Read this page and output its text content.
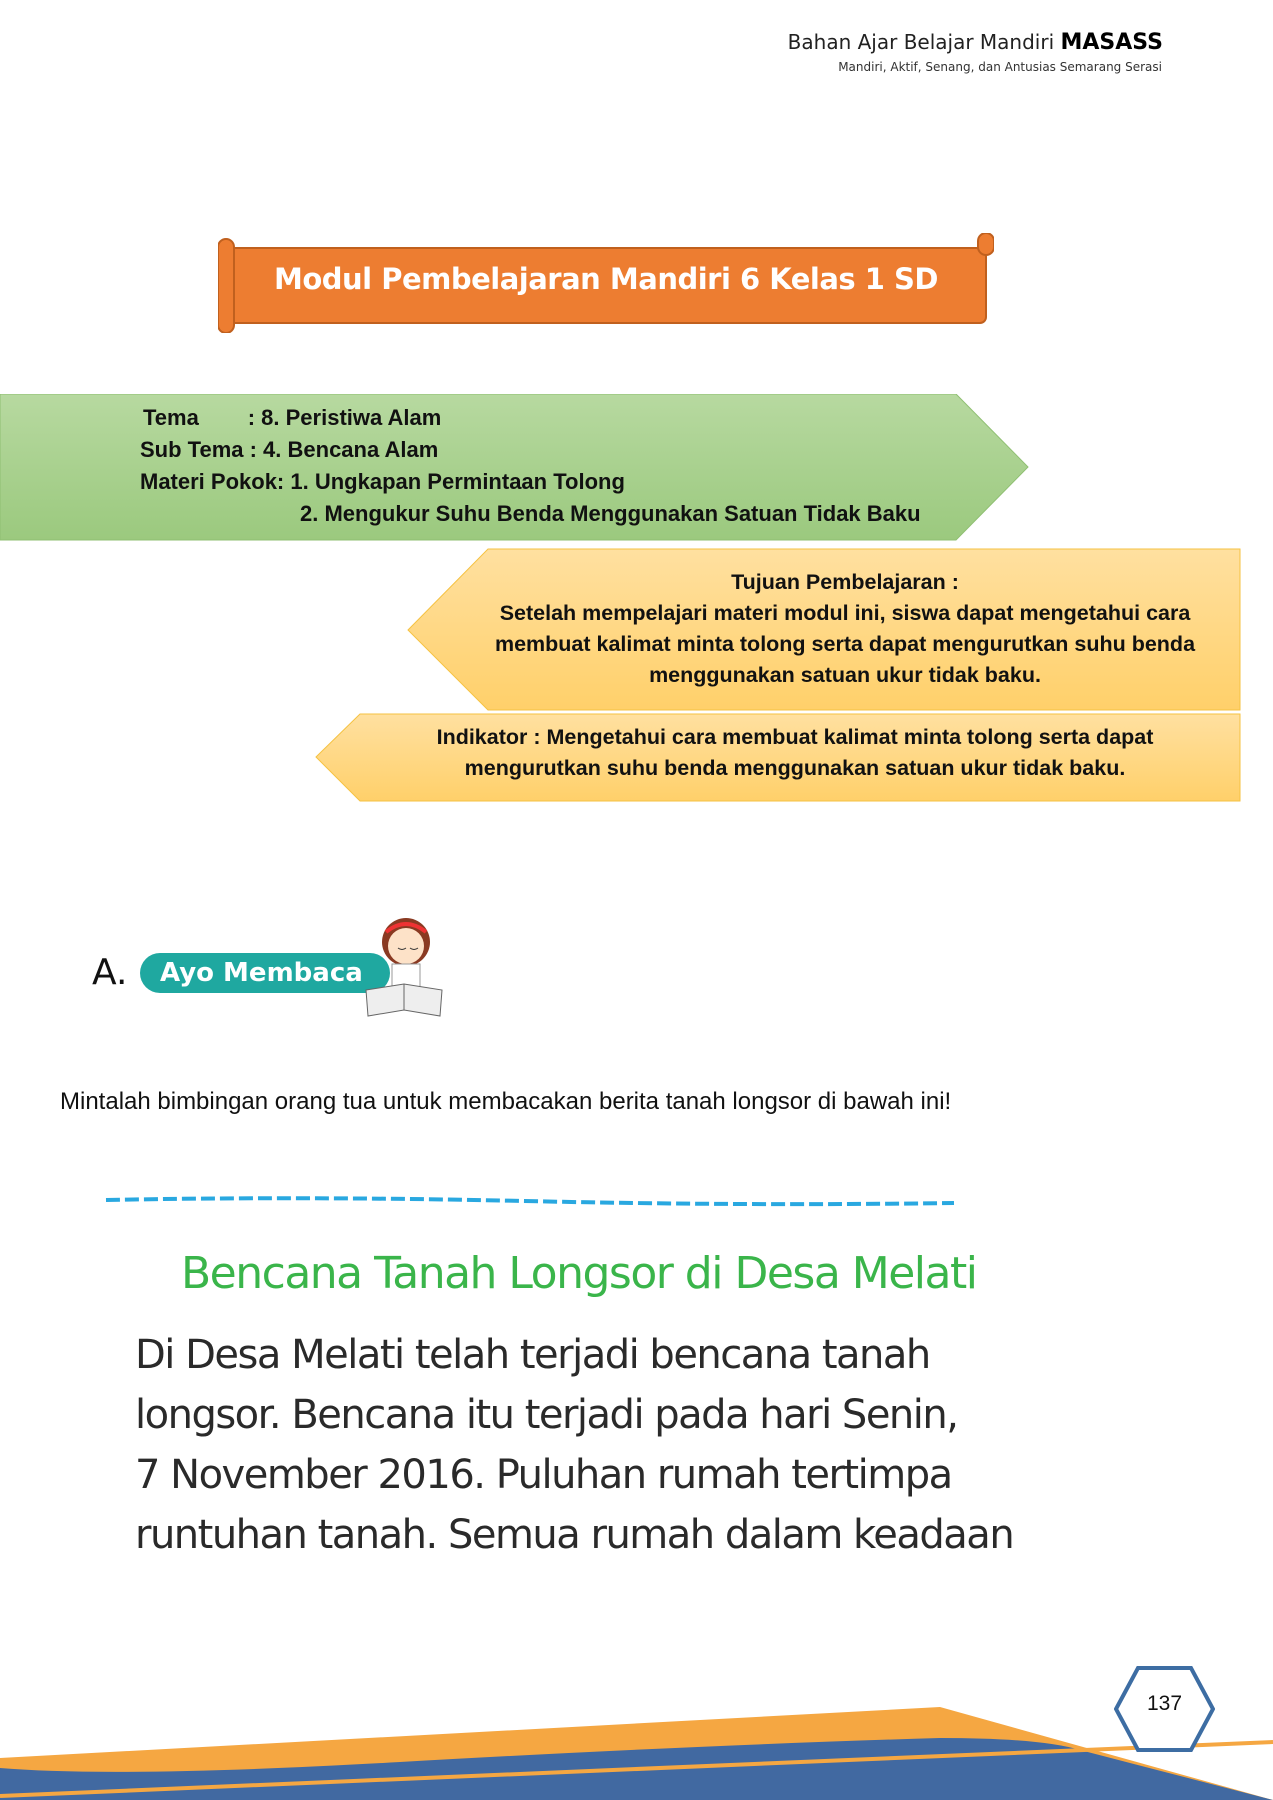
Bahan Ajar Belajar Mandiri MASASS
Mandiri, Aktif, Senang, dan Antusias Semarang Serasi
Modul Pembelajaran Mandiri 6 Kelas 1 SD
Tema        : 8. Peristiwa Alam
Sub Tema : 4. Bencana Alam
Materi Pokok: 1. Ungkapan Permintaan Tolong
2. Mengukur Suhu Benda Menggunakan Satuan Tidak Baku
Tujuan Pembelajaran :
Setelah mempelajari materi modul ini, siswa dapat mengetahui cara membuat kalimat minta tolong serta dapat mengurutkan suhu benda menggunakan satuan ukur tidak baku.
Indikator : Mengetahui cara membuat kalimat minta tolong serta dapat mengurutkan suhu benda menggunakan satuan ukur tidak baku.
A.	Ayo Membaca
Mintalah bimbingan orang tua untuk membacakan berita tanah longsor di bawah ini!
Bencana Tanah Longsor di Desa Melati
Di Desa Melati telah terjadi bencana tanah
longsor. Bencana itu terjadi pada hari Senin,
7 November 2016. Puluhan rumah tertimpa
runtuhan tanah. Semua rumah dalam keadaan
137
